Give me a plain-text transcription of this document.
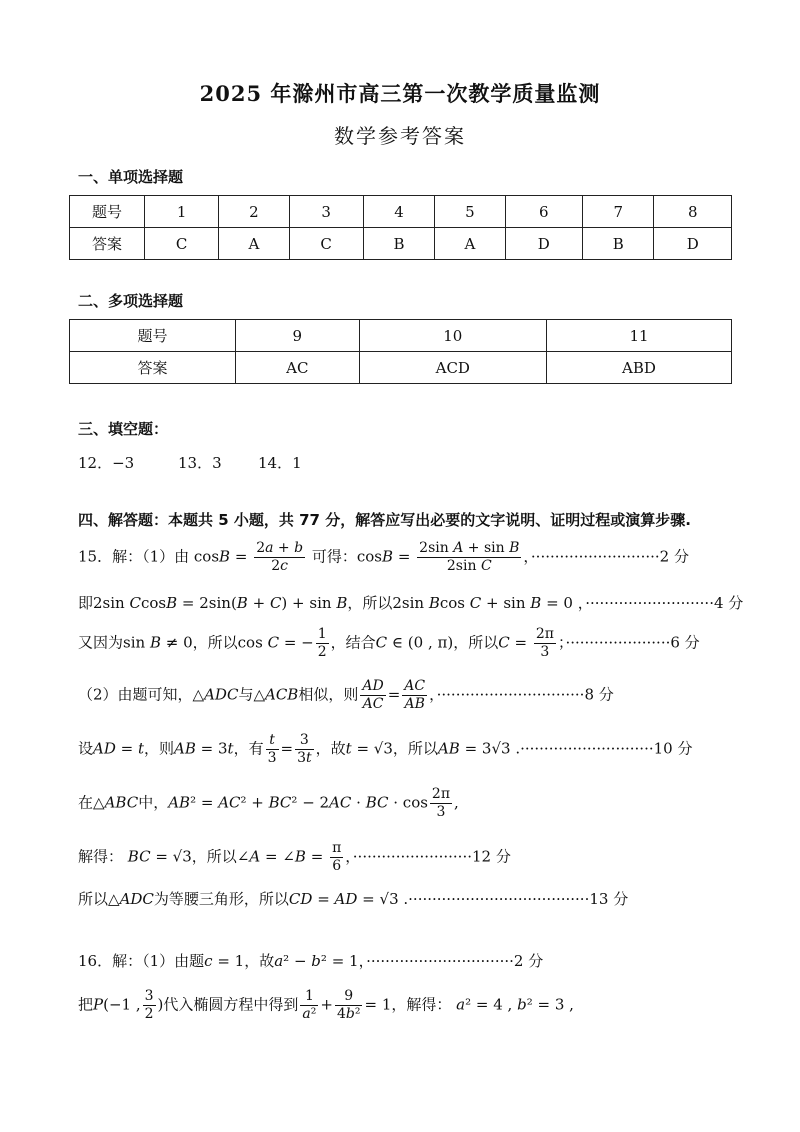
2025 年滁州市高三第一次教学质量监测
数学参考答案
一、单项选择题
题号	1	2	3	4	5	6	7	8
答案	C	A	C	B	A	D	B	D
二、多项选择题
题号	9	10	11
答案	AC	ACD	ABD
三、填空题：
12．−3	13．3 14．1
四、解答题：本题共 5 小题，共 77 分，解答应写出必要的文字说明、证明过程或演算步骤.
15．解：（1）由 $\cos B = \frac{2a + b}{2c}$ 可得：$\cos B = \frac{\text{2sin A + sin B}}{\text{2sin C}}$ ，···························2 分
即2sin CcosB = 2sin(B + C) + sin B，所以2sin Bcos C + sin B = 0 ，···························4 分
又因为sin B ≠ 0，所以cos C = − $\frac{1}{2}$ ，结合C ∈ (0 , π)，所以$C = \frac{2\pi}{3}$ ；······················6 分
（2）由题可知，△ADC与△ACB相似，则 $\frac{AD}{AC} = \frac{AC}{AB}$ ，·······························8 分
设AD = t，则AB = 3t，有 $\frac{t}{3} = \frac{3}{3t}$ ，故t = √3，所以AB = 3√3 .····························10 分
在△ABC中，AB² = AC² + BC² − 2AC · BC · $\cos \frac{2\pi}{3}$ ,
解得： BC = √3，所以∠A = ∠B = $\frac{\pi}{6}$ ，·························12 分
所以△ADC为等腰三角形，所以CD = AD = √3 .······································13 分
16．解：（1）由题c = 1，故a² − b² = 1，·······························2 分
把P(−1 , $\frac{3}{2}$ )代入椭圆方程中得到 $\frac{1}{\text{a²}} + \frac{9}{\text{4b²}} = 1$，解得： a² = 4 , b² = 3 ,
